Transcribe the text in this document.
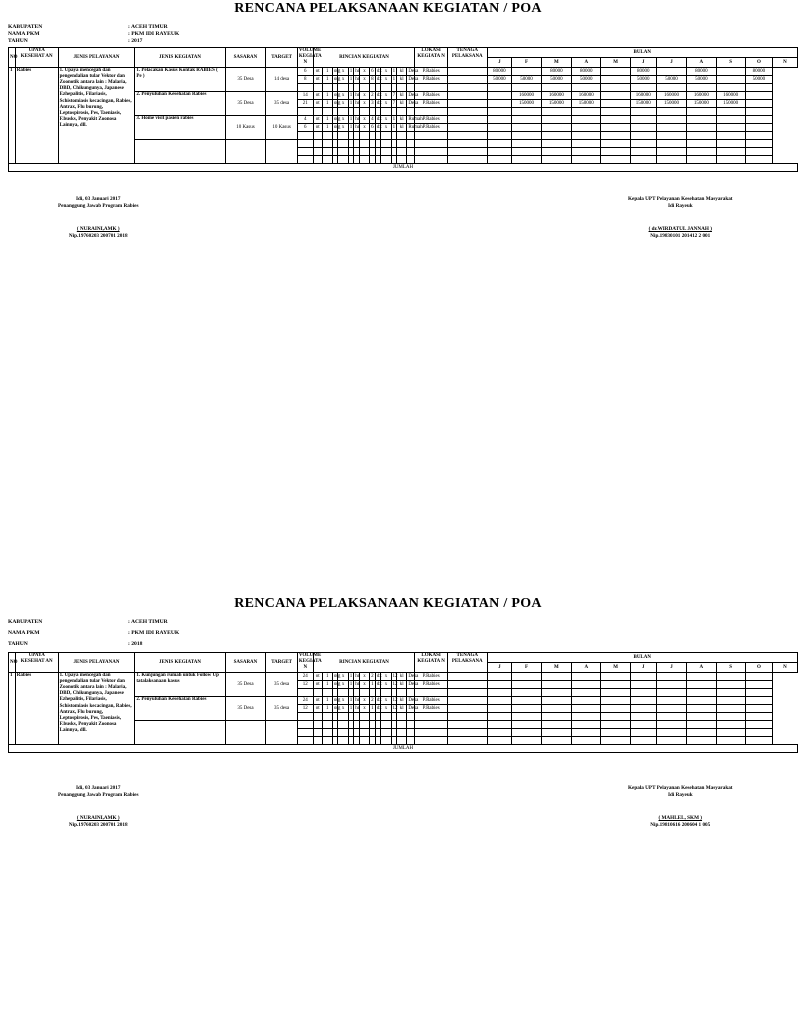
RENCANA PELAKSANAAN KEGIATAN / POA
KABUPATEN	: ACEH TIMUR
NAMA PKM	: PKM IDI RAYEUK
TAHUN	: 2017
NO	UPAYA KESEHAT AN	JENIS PELAYANAN	JENIS KEGIATAN	SASARAN	TARGET	VOLUME KEGIATA N	RINCIAN KEGIATAN													LOKASI KEGIATA N	TENAGA PELAKSANA	BULAN										
																						J	F	M	A	M	J	J	A	S	O	N
1	Rabies	1. Upaya mencegah dan pengendalian tular Vektor dan Zoonotik antara lain : Malaria, DBD, Chikungunya, Japanese Ezhepalitis, Filariasis, Schistomiasis kecacingan, Rabies, Antrax, Flu burung, Leptospirosis, Pes, Taeniasis, F.busks, Penyakit Zoonosa Lainnya, dll.	1. Pelacakan Kasus Kontak RABIES ( Pe )	35 Desa	14 desa	6	ot	1	org	x	1	hr	x	6	dx	x	1	kl	Desa	P.Rabies		80000		80000	80000		80000		80000		80000	
						8	ot	1	org	x	1	hr	x	8	dx	x	1	kl	Desa	P.Rabies		50000	50000	50000	50000		50000	50000	50000		50000	

			2. Penyuluhan Kesehatan Rabies	35 Desa	35 desa	14	ot	1	org	x	1	hr	x	2	dx	x	7	kl	Desa	P.Rabies			160000	160000	160000		160000	160000	160000	160000		
						21	ot	1	org	x	1	hr	x	3	dx	x	7	kl	Desa	P.Rabies			150000	150000	150000		150000	150000	150000	150000		

			3. Home visit pasien rabies	10 Kasus	10 Kasus	4	ot	1	org	x	1	hr	x	4	dx	x	1	kl	Rumah	P.Rabies												
						6	ot	1	org	x	1	hr	x	6	dx	x	1	kl	Rumah	P.Rabies												

JUMLAH																																
Idi, 03 Januari 2017
Penanggung Jawab Program Rabies
( NURAINI,AMK )
Nip.19760203 200701 2018
Kepala UPT Pelayanan Kesehatan Masyarakat
Idi Rayeuk
( dr.WIRDATUL JANNAH )
Nip.19830101 201412 2 001
RENCANA PELAKSANAAN KEGIATAN / POA
KABUPATEN	: ACEH TIMUR
NAMA PKM	: PKM IDI RAYEUK
TAHUN	: 2018
NO	UPAYA KESEHAT AN	JENIS PELAYANAN	JENIS KEGIATAN	SASARAN	TARGET	VOLUME KEGIATA N	RINCIAN KEGIATAN													LOKASI KEGIATA N	TENAGA PELAKSANA	BULAN										
																						J	F	M	A	M	J	J	A	S	O	N
1	Rabies	1. Upaya mencegah dan pengendalian tular Vektor dan Zoonotik antara lain : Malaria, DBD, Chikungunya, Japanese Ezhepalitis, Filariasis, Schistomiasis kecacingan, Rabies, Antrax, Flu burung, Leptospirosis, Pes, Taeniasis, F.busks, Penyakit Zoonosa Lainnya, dll.	1. Kunjungan rumah untuk Follow Up tatalaksanaan kasus	35 Desa	35 desa	24	ot	1	org	x	1	hr	x	2	dx	x	12	kl	Desa	P.Rabies												
						12	ot	1	org	x	1	hr	x	1	dx	x	12	kl	Desa	P.Rabies												

			2. Penyuluhan Kesehatan Rabies	35 Desa	35 desa	24	ot	1	org	x	1	hr	x	2	dx	x	12	kl	Desa	P.Rabies												
						12	ot	1	org	x	1	hr	x	1	dx	x	12	kl	Desa	P.Rabies												

JUMLAH																																
Idi, 03 Januari 2017
Penanggung Jawab Program Rabies
( NURAINI,AMK )
Nip.19760203 200701 2018
Kepala UPT Pelayanan Kesehatan Masyarakat
Idi Rayeuk
( MAHLEL, SKM )
Nip.19810616 200604 1 005
